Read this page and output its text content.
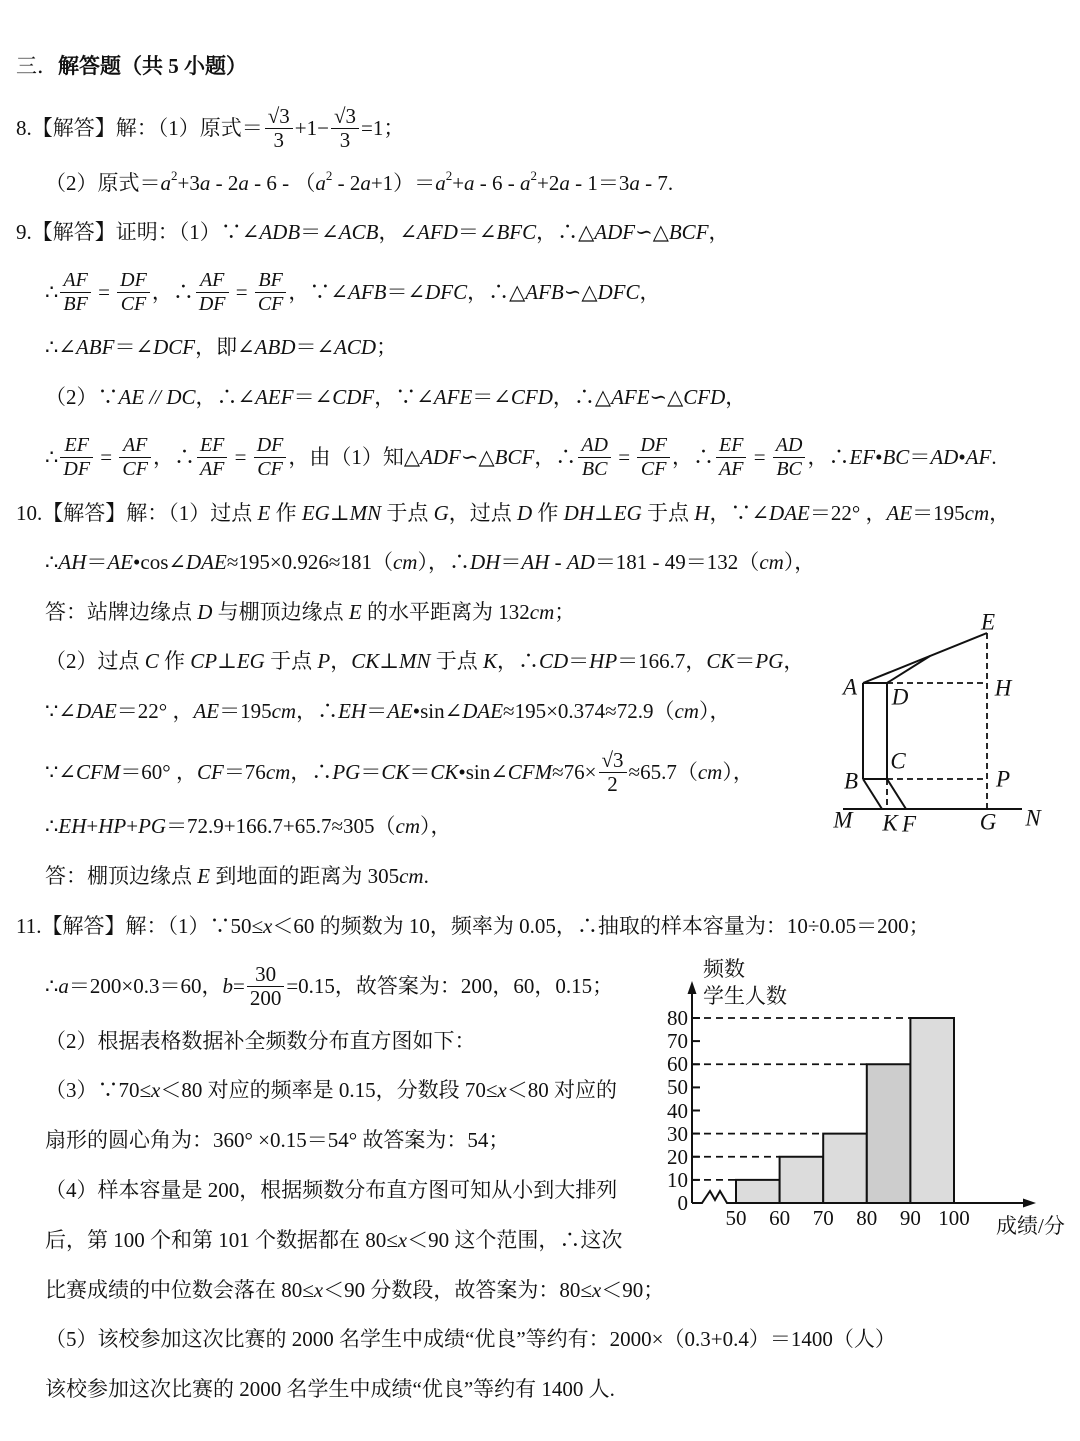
三． 解答题（共 5 小题）
8. 【解答】 解：（1）原式＝ $\frac{√3}{3} +1- \frac{√3}{3} =1$；
（2）原式＝ a 2 +3 a - 2 a - 6 - （ a 2 - 2 a +1）＝ a 2 + a - 6 - a 2 +2 a - 1＝3 a - 7.
9. 【解答】 证明：（1）∵ ∠ADB ＝ ∠ACB ， ∠AFD ＝ ∠BFC ，∴△ ADF ∽△ BCF ，
∴ $\frac{AF}{BF} = \frac{DF}{CF}$ ，∴ $\frac{AF}{DF} = \frac{BF}{CF}$ ，∵ ∠AFB ＝ ∠DFC ，∴△ AFB ∽△ DFC ，
∴ ∠ABF ＝ ∠DCF ，即 ∠ABD ＝ ∠ACD ；
（2）∵ AE // DC ，∴ ∠AEF ＝ ∠CDF ，∵ ∠AFE ＝ ∠CFD ，∴△ AFE ∽△ CFD ，
∴ $\frac{EF}{DF} = \frac{AF}{CF}$ ，∴ $\frac{EF}{AF} = \frac{DF}{CF}$ ，由（1）知△ ADF ∽△ BCF ，∴ $\frac{AD}{BC} = \frac{DF}{CF}$ ，∴ $\frac{EF}{AF} = \frac{AD}{BC}$ ，∴ EF • BC ＝ AD • AF .
10. 【解答】 解：（1）过点 E 作 EG ⊥ MN 于点 G ，过点 D 作 DH ⊥ EG 于点 H ，∵ ∠DAE ＝22° ， AE ＝195 cm ，
∴ AH ＝ AE •cos ∠DAE ≈195×0.926≈181（ cm ），∴ DH ＝ AH - AD ＝181 - 49＝132（ cm ），
答：站牌边缘点 D 与棚顶边缘点 E 的水平距离为 132 cm ；
（2）过点 C 作 CP ⊥ EG 于点 P ， CK ⊥ MN 于点 K ，∴ CD ＝ HP ＝166.7， CK ＝ PG ，
∵ ∠DAE ＝22° ， AE ＝195 cm ，∴ EH ＝ AE •sin ∠DAE ≈195×0.374≈72.9（ cm ），
∵ ∠CFM ＝60° ， CF ＝76 cm ，∴ PG ＝ CK ＝ CK •sin ∠CFM $\approx 76\times \frac{√3}{2} \approx 65.7$（ cm ），
∴ EH + HP + PG ＝72.9+166.7+65.7≈305（ cm ），
答：棚顶边缘点 E 到地面的距离为 305 cm .
E
A D	H
C
B	P
M K F	G N
11. 【解答】 解：（1）∵50≤ x ＜60 的频数为 10，频率为 0.05，∴抽取的样本容量为：10÷0.05＝200；
∴ a ＝200×0.3＝60， $b = \frac{30}{200} =0.15$，故答案为：200，60，0.15；
（2）根据表格数据补全频数分布直方图如下：
（3）∵70≤ x ＜80 对应的频率是 0.15，分数段 70≤ x ＜80 对应的
扇形的圆心角为：360° ×0.15＝54° 故答案为：54；
（4）样本容量是 200，根据频数分布直方图可知从小到大排列
后，第 100 个和第 101 个数据都在 80≤ x ＜90 这个范围，∴这次
比赛成绩的中位数会落在 80≤ x ＜90 分数段，故答案为：80≤ x ＜90；
（5）该校参加这次比赛的 2000 名学生中成绩“优良”等约有：2000×（0.3+0.4）＝1400（人）
该校参加这次比赛的 2000 名学生中成绩“优良”等约有 1400 人.
0
10
20
30
40
50
60
70
80
50 60 70 80 90 100 成绩/分
频数
学生人数
